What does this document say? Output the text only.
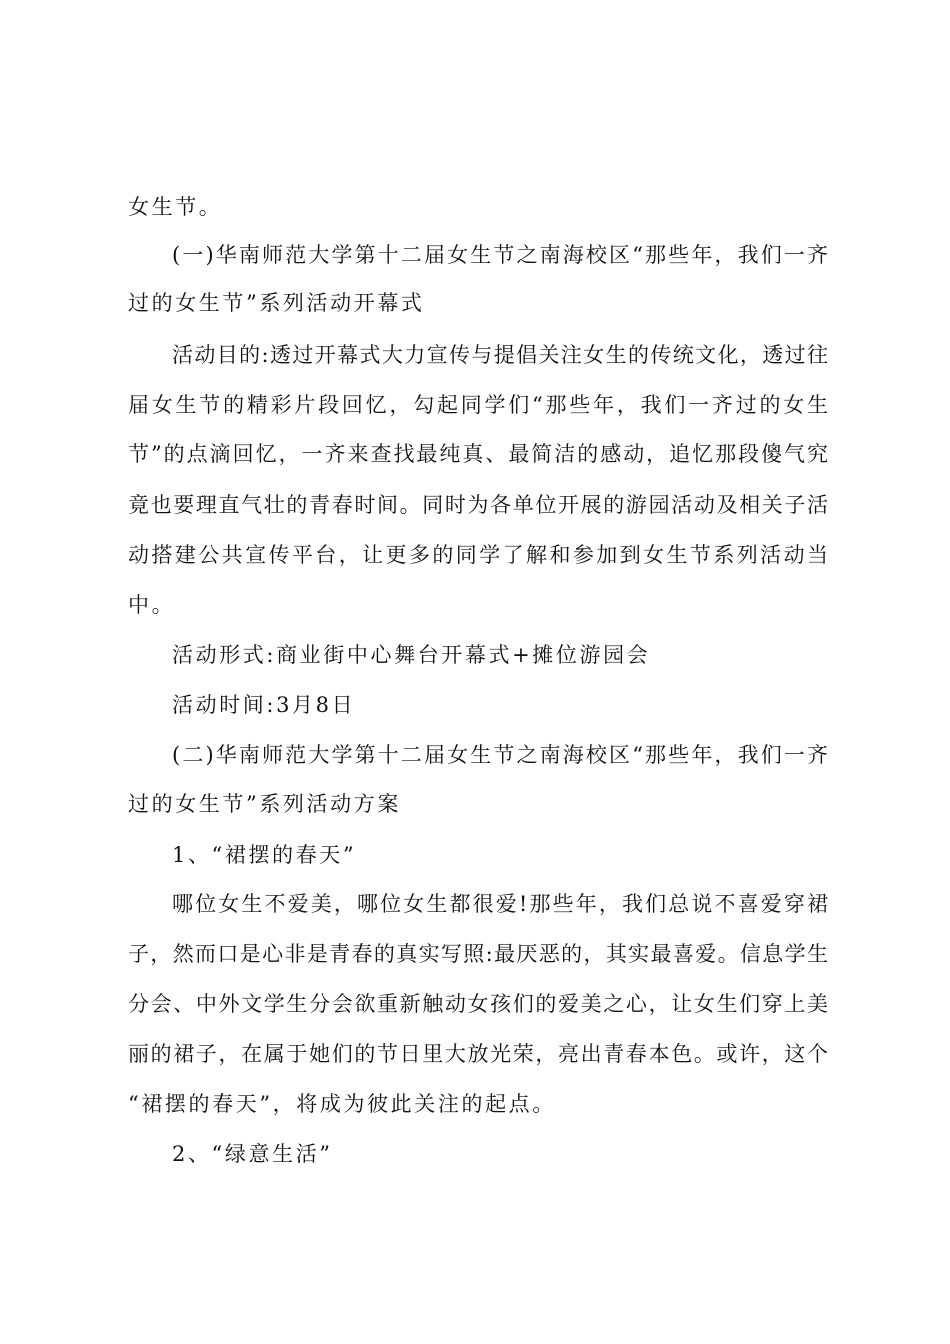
女生节。
(一)华南师范大学第十二届女生节之南海校区“那些年，我们一齐
过的女生节”系列活动开幕式
活动目的:透过开幕式大力宣传与提倡关注女生的传统文化，透过往
届女生节的精彩片段回忆，勾起同学们“那些年，我们一齐过的女生
节”的点滴回忆，一齐来查找最纯真、最简洁的感动，追忆那段傻气究
竟也要理直气壮的青春时间。同时为各单位开展的游园活动及相关子活
动搭建公共宣传平台，让更多的同学了解和参加到女生节系列活动当
中。
活动形式:商业街中心舞台开幕式+摊位游园会
活动时间:3月8日
(二)华南师范大学第十二届女生节之南海校区“那些年，我们一齐
过的女生节”系列活动方案
1、“裙摆的春天”
哪位女生不爱美，哪位女生都很爱!那些年，我们总说不喜爱穿裙
子，然而口是心非是青春的真实写照:最厌恶的，其实最喜爱。信息学生
分会、中外文学生分会欲重新触动女孩们的爱美之心，让女生们穿上美
丽的裙子，在属于她们的节日里大放光荣，亮出青春本色。或许，这个
“裙摆的春天”，将成为彼此关注的起点。
2、“绿意生活”
